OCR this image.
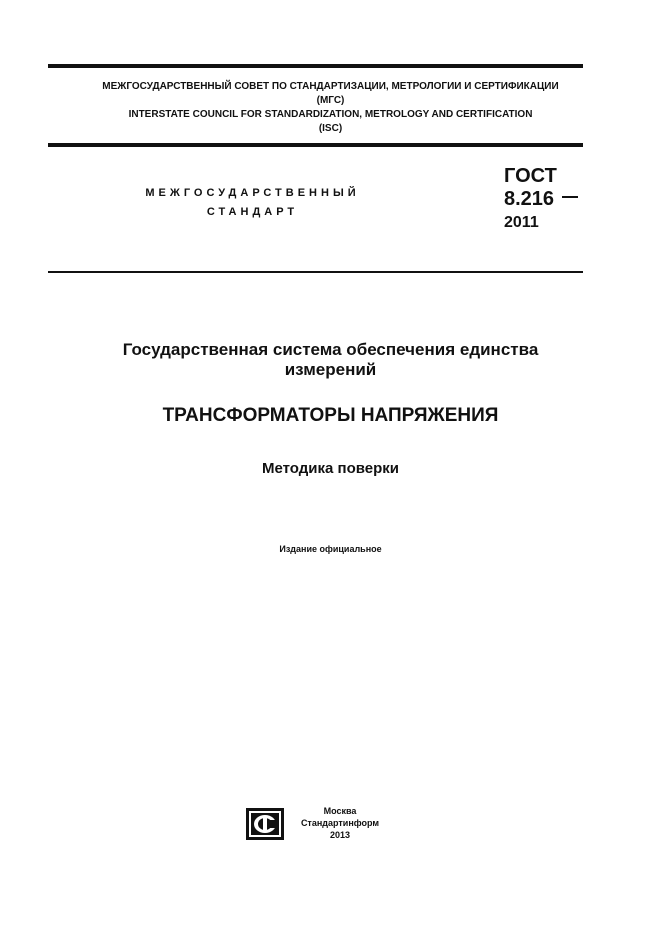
МЕЖГОСУДАРСТВЕННЫЙ СОВЕТ ПО СТАНДАРТИЗАЦИИ, МЕТРОЛОГИИ И СЕРТИФИКАЦИИ
(МГС)
INTERSTATE COUNCIL FOR STANDARDIZATION, METROLOGY AND CERTIFICATION
(ISC)
МЕЖГОСУДАРСТВЕННЫЙ
СТАНДАРТ
ГОСТ
8.216
2011
Государственная система обеспечения единства
измерений
ТРАНСФОРМАТОРЫ НАПРЯЖЕНИЯ
Методика поверки
Издание официальное
Москва
Стандартинформ
2013
